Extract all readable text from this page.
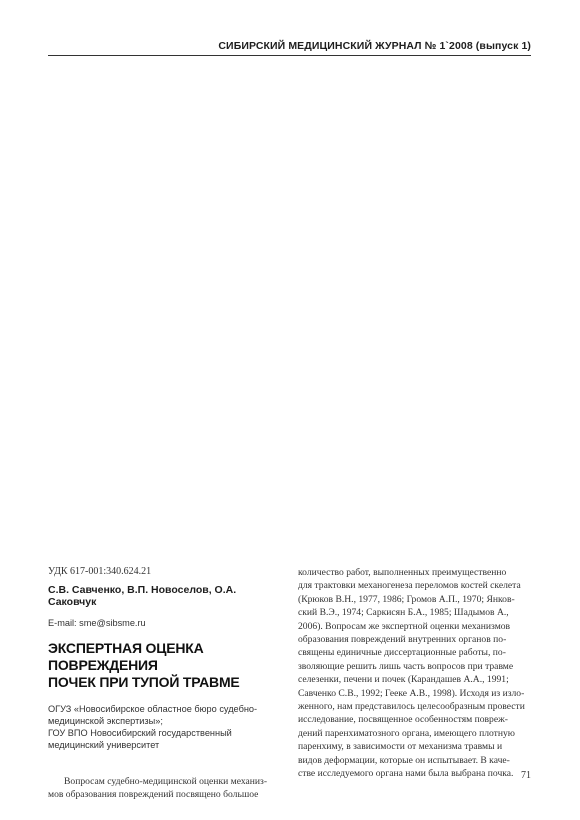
СИБИРСКИЙ МЕДИЦИНСКИЙ ЖУРНАЛ № 1`2008 (выпуск 1)
УДК 617-001:340.624.21
С.В. Савченко, В.П. Новоселов, О.А. Саковчук
E-mail: sme@sibsme.ru
ЭКСПЕРТНАЯ ОЦЕНКА ПОВРЕЖДЕНИЯ
ПОЧЕК ПРИ ТУПОЙ ТРАВМЕ
ОГУЗ «Новосибирское областное бюро судебно-
медицинской экспертизы»;
ГОУ ВПО Новосибирский государственный
медицинский университет
Вопросам судебно-медицинской оценки механиз-
мов образования повреждений посвящено большое
количество работ, выполненных преимущественно
для трактовки механогенеза переломов костей скелета
(Крюков В.Н., 1977, 1986; Громов А.П., 1970; Янков-
ский В.Э., 1974; Саркисян Б.А., 1985; Шадымов А.,
2006). Вопросам же экспертной оценки механизмов
образования повреждений внутренних органов по-
священы единичные диссертационные работы, по-
зволяющие решить лишь часть вопросов при травме
селезенки, печени и почек (Карандашев А.А., 1991;
Савченко С.В., 1992; Гееке А.В., 1998). Исходя из изло-
женного, нам представилось целесообразным провести
исследование, посвященное особенностям повреж-
дений паренхиматозного органа, имеющего плотную
паренхиму, в зависимости от механизма травмы и
видов деформации, которые он испытывает. В каче-
стве исследуемого органа нами была выбрана почка. 71
